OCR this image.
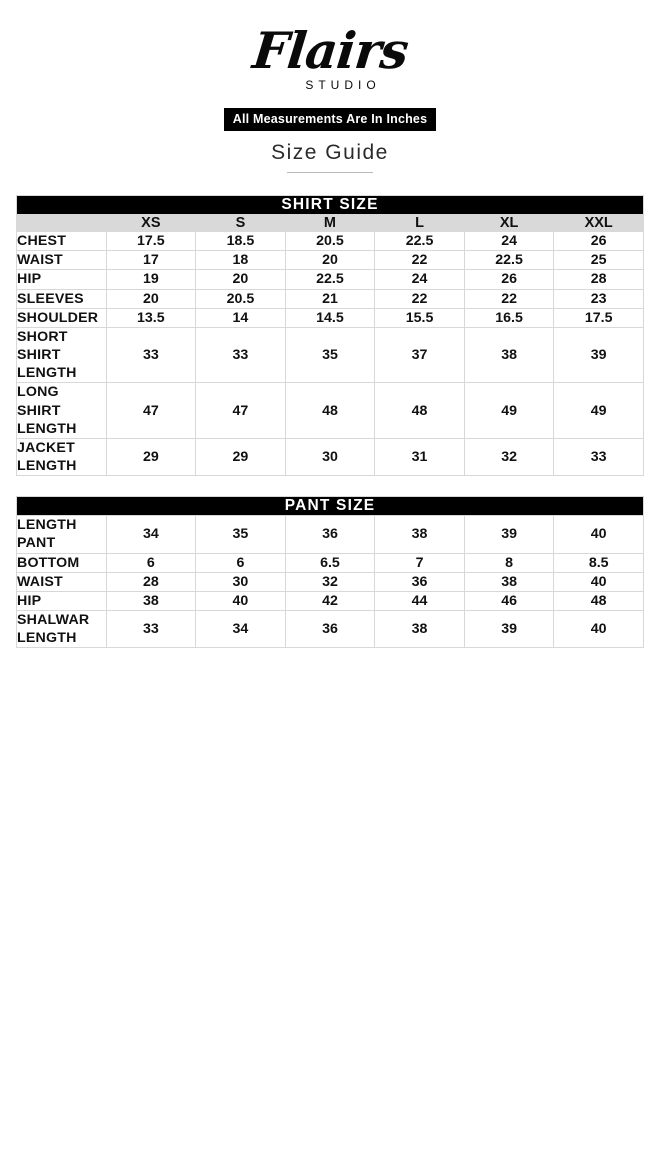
Flairs
STUDIO
All Measurements Are In Inches
Size Guide
SHIRT SIZE						
	XS	S	M	L	XL	XXL
CHEST	17.5	18.5	20.5	22.5	24	26
WAIST	17	18	20	22	22.5	25
HIP	19	20	22.5	24	26	28
SLEEVES	20	20.5	21	22	22	23
SHOULDER	13.5	14	14.5	15.5	16.5	17.5
SHORT SHIRT LENGTH	33	33	35	37	38	39
LONG SHIRT LENGTH	47	47	48	48	49	49
JACKET LENGTH	29	29	30	31	32	33
PANT SIZE						
LENGTH PANT	34	35	36	38	39	40
BOTTOM	6	6	6.5	7	8	8.5
WAIST	28	30	32	36	38	40
HIP	38	40	42	44	46	48
SHALWAR LENGTH	33	34	36	38	39	40
